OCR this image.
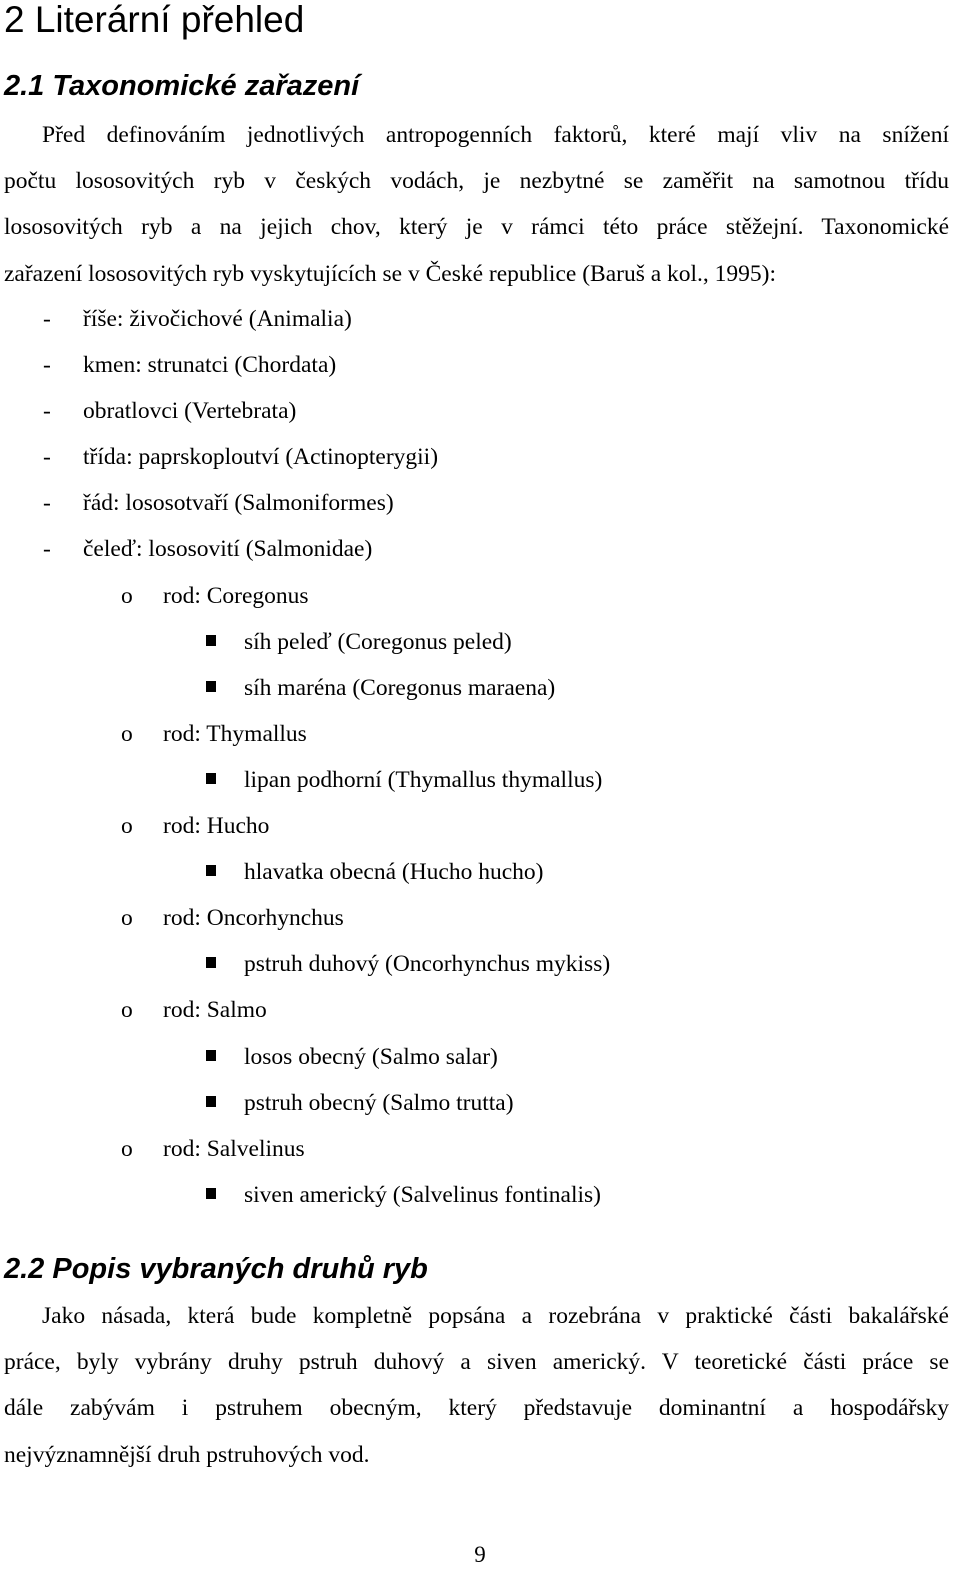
2 Literární přehled
2.1 Taxonomické zařazení
Před definováním jednotlivých antropogenních faktorů, které mají vliv na snížení
počtu lososovitých ryb v českých vodách, je nezbytné se zaměřit na samotnou třídu
lososovitých ryb a na jejich chov, který je v rámci této práce stěžejní. Taxonomické
zařazení lososovitých ryb vyskytujících se v České republice (Baruš a kol., 1995):
- říše: živočichové (Animalia)
- kmen: strunatci (Chordata)
- obratlovci (Vertebrata)
- třída: paprskoploutví (Actinopterygii)
- řád: lososotvaří (Salmoniformes)
- čeleď: lososovití (Salmonidae)
o rod: Coregonus
síh peleď (Coregonus peled)
síh maréna (Coregonus maraena)
o rod: Thymallus
lipan podhorní (Thymallus thymallus)
o rod: Hucho
hlavatka obecná (Hucho hucho)
o rod: Oncorhynchus
pstruh duhový (Oncorhynchus mykiss)
o rod: Salmo
losos obecný (Salmo salar)
pstruh obecný (Salmo trutta)
o rod: Salvelinus
siven americký (Salvelinus fontinalis)
2.2 Popis vybraných druhů ryb
Jako násada, která bude kompletně popsána a rozebrána v praktické části bakalářské
práce, byly vybrány druhy pstruh duhový a siven americký. V teoretické části práce se
dále zabývám i pstruhem obecným, který představuje dominantní a hospodářsky
nejvýznamnější druh pstruhových vod.
9
